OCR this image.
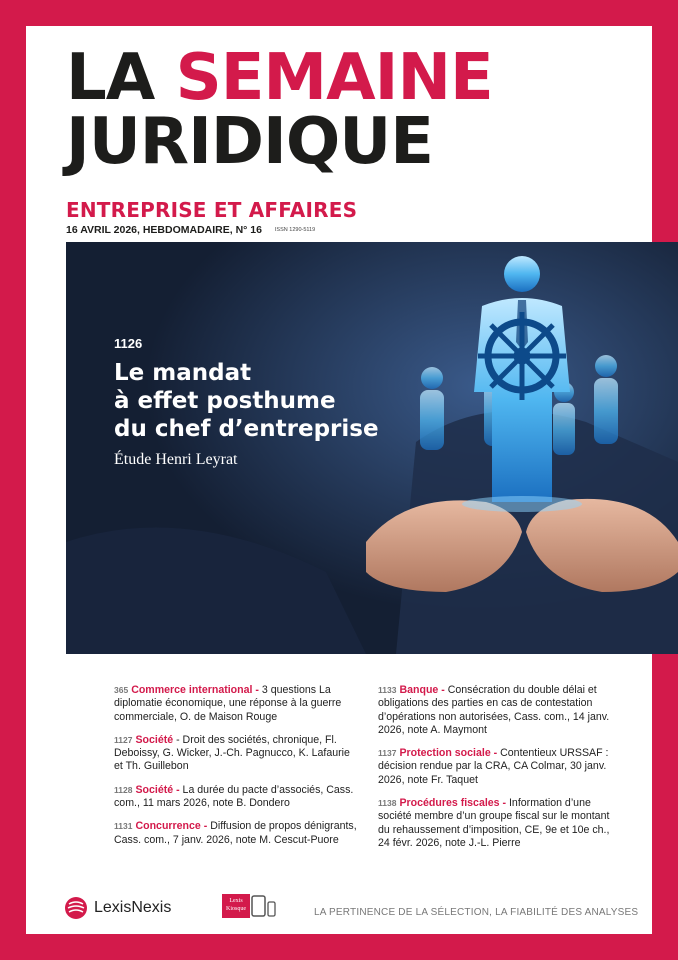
LA SEMAINE
JURIDIQUE
ENTREPRISE ET AFFAIRES
16 AVRIL 2026, HEBDOMADAIRE, N° 16 ISSN 1290-5119
1126
Le mandat
à effet posthume
du chef d’entreprise
Étude Henri Leyrat
365 Commerce international - 3 questions La diplomatie économique, une réponse à la guerre commerciale, O. de Maison Rouge
1127 Société - Droit des sociétés, chronique, Fl. Deboissy, G. Wicker, J.-Ch. Pagnucco, K. Lafaurie et Th. Guillebon
1128 Société - La durée du pacte d’associés, Cass. com., 11 mars 2026, note B. Dondero
1131 Concurrence - Diffusion de propos dénigrants, Cass. com., 7 janv. 2026, note M. Cescut-Puore
1133 Banque - Consécration du double délai et obligations des parties en cas de contestation d’opérations non autorisées, Cass. com., 14 janv. 2026, note A. Maymont
1137 Protection sociale - Contentieux URSSAF : décision rendue par la CRA, CA Colmar, 30 janv. 2026, note Fr. Taquet
1138 Procédures fiscales - Information d’une société membre d’un groupe fiscal sur le montant du rehaussement d’imposition, CE, 9e et 10e ch., 24 févr. 2026, note J.-L. Pierre
LexisNexis	Lexis
Kiosque	LA PERTINENCE DE LA SÉLECTION, LA FIABILITÉ DES ANALYSES
